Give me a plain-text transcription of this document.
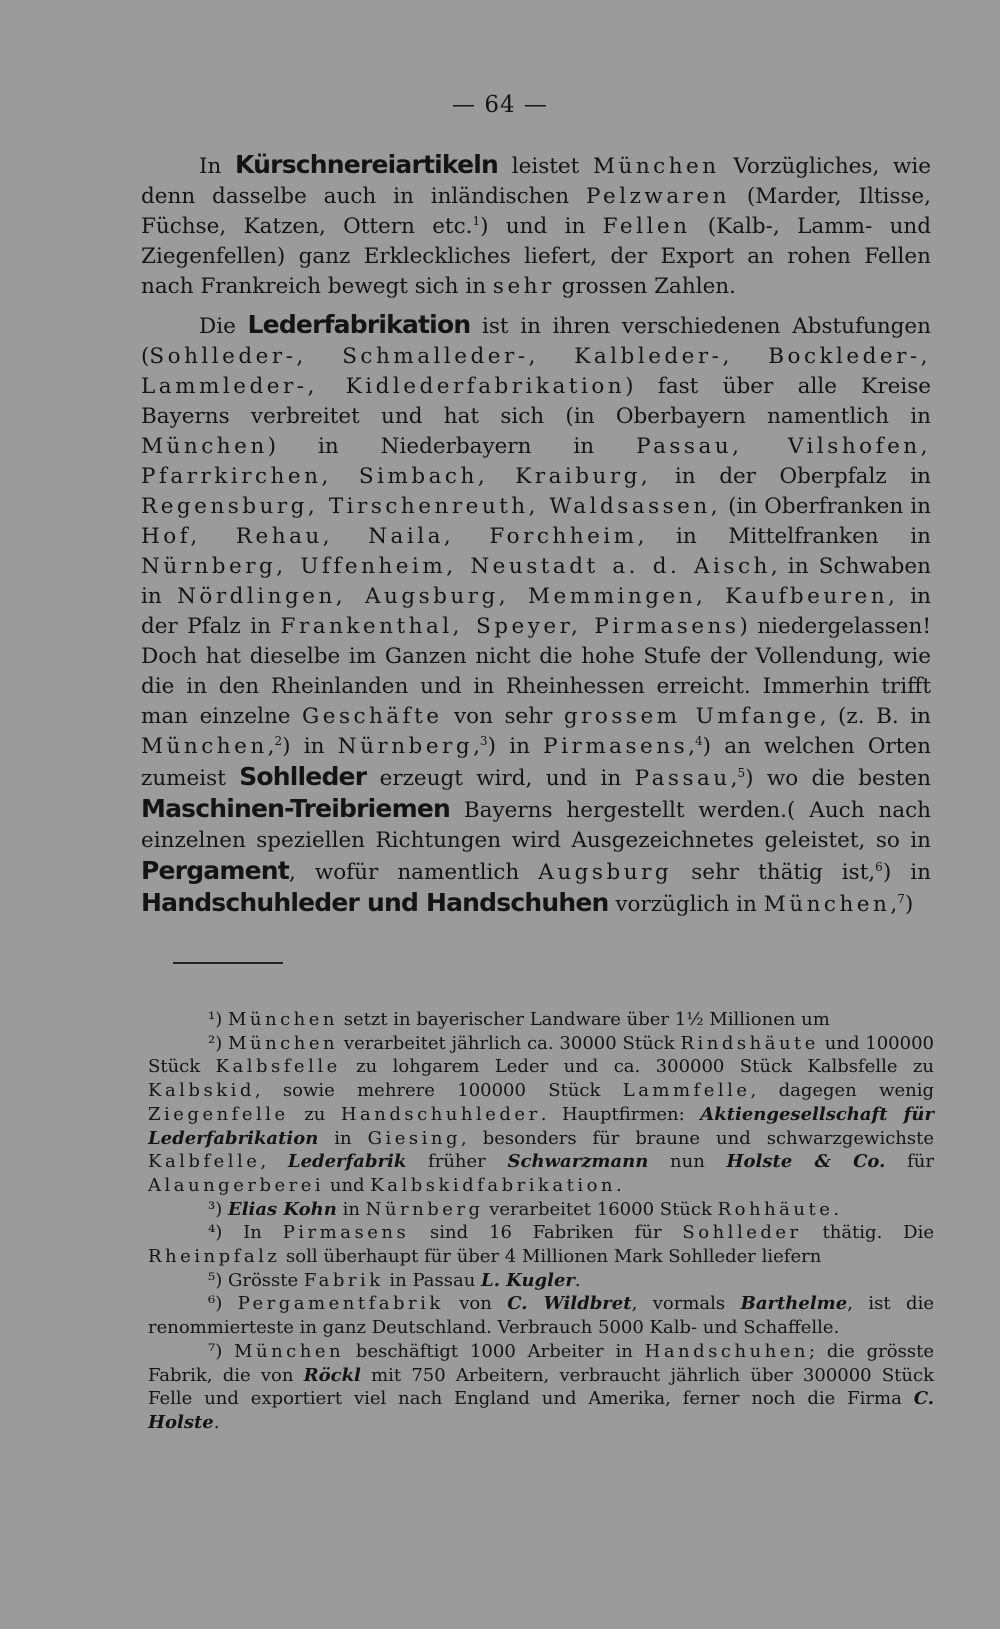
— 64 —

In Kürschnereiartikeln leistet München Vorzügliches, wie denn dasselbe auch in inländischen Pelzwaren (Marder, Iltisse, Füchse, Katzen, Ottern etc.$^1$) und in Fellen (Kalb-, Lamm- und Ziegenfellen) ganz Erkleckliches liefert, der Export an rohen Fellen nach Frankreich bewegt sich in sehr grossen Zahlen.

Die Lederfabrikation ist in ihren verschiedenen Abstufungen (Sohlleder-, Schmalleder-, Kalbleder-, Bockleder-, Lammleder-, Kidlederfabrikation) fast über alle Kreise Bayerns verbreitet und hat sich (in Oberbayern namentlich in München) in Niederbayern in Passau, Vilshofen, Pfarrkirchen, Simbach, Kraiburg, in der Oberpfalz in Regensburg, Tirschenreuth, Waldsassen, (in Oberfranken in Hof, Rehau, Naila, Forchheim, in Mittelfranken in Nürnberg, Uffenheim, Neustadt a. d. Aisch, in Schwaben in Nördlingen, Augsburg, Memmingen, Kaufbeuren, in der Pfalz in Frankenthal, Speyer, Pirmasens) niedergelassen! Doch hat dieselbe im Ganzen nicht die hohe Stufe der Vollendung, wie die in den Rheinlanden und in Rheinhessen erreicht. Immerhin trifft man einzelne Geschäfte von sehr grossem Umfange, (z. B. in München,$^2$) in Nürnberg,$^3$) in Pirmasens,$^4$) an welchen Orten zumeist Sohlleder erzeugt wird, und in Passau,$^5$) wo die besten Maschinen-Treibriemen Bayerns hergestellt werden.( Auch nach einzelnen speziellen Richtungen wird Ausgezeichnetes geleistet, so in Pergament, wofür namentlich Augsburg sehr thätig ist,$^6$) in Handschuhleder und Handschuhen vorzüglich in München,$^7$)

¹) München setzt in bayerischer Landware über 1½ Millionen um

²) München verarbeitet jährlich ca. 30000 Stück Rindshäute und 100000 Stück Kalbsfelle zu lohgarem Leder und ca. 300000 Stück Kalbsfelle zu Kalbskid, sowie mehrere 100000 Stück Lammfelle, dagegen wenig Ziegenfelle zu Handschuhleder. Hauptfirmen: Aktiengesellschaft für Lederfabrikation in Giesing, besonders für braune und schwarzgewichste Kalbfelle, Lederfabrik früher Schwarzmann nun Holste & Co. für Alaungerberei und Kalbskidfabrikation.

³) Elias Kohn in Nürnberg verarbeitet 16000 Stück Rohhäute.

⁴) In Pirmasens sind 16 Fabriken für Sohlleder thätig. Die Rheinpfalz soll überhaupt für über 4 Millionen Mark Sohlleder liefern

⁵) Grösste Fabrik in Passau L. Kugler.

⁶) Pergamentfabrik von C. Wildbret, vormals Barthelme, ist die renommierteste in ganz Deutschland. Verbrauch 5000 Kalb- und Schaffelle.

⁷) München beschäftigt 1000 Arbeiter in Handschuhen; die grösste Fabrik, die von Röckl mit 750 Arbeitern, verbraucht jährlich über 300000 Stück Felle und exportiert viel nach England und Amerika, ferner noch die Firma C. Holste.
